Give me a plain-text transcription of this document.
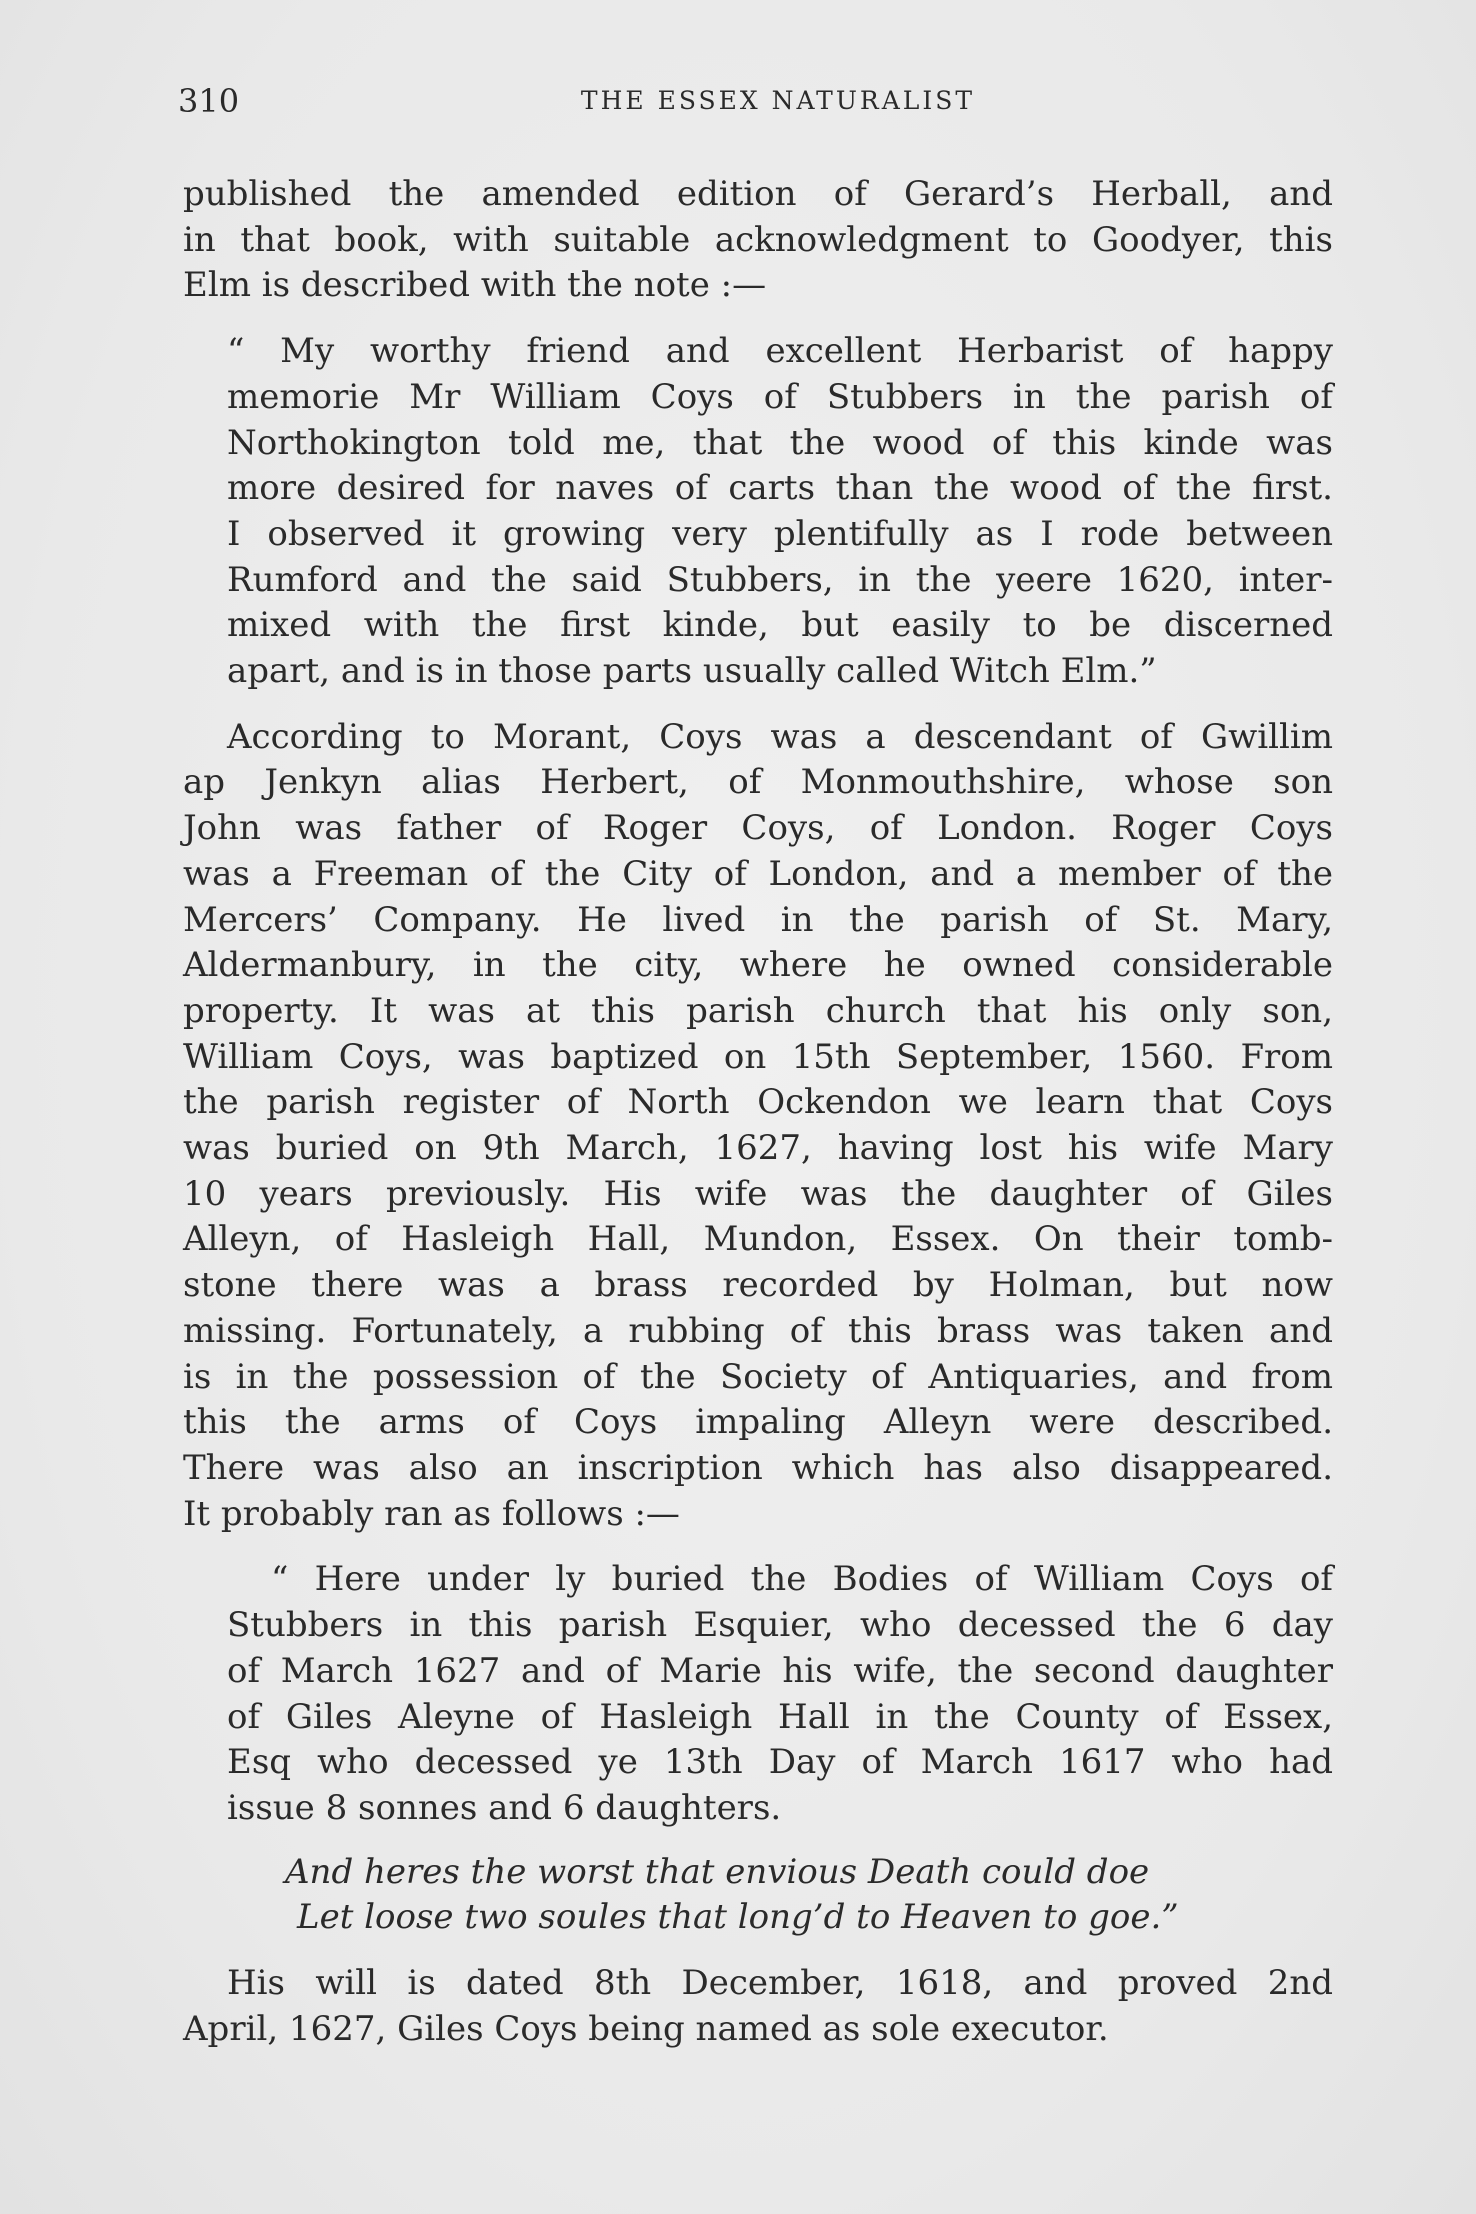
310	THE ESSEX NATURALIST
published the amended edition of Gerard’s Herball, and
in that book, with suitable acknowledgment to Goodyer, this
Elm is described with the note :—
“ My worthy friend and excellent Herbarist of happy
memorie Mr William Coys of Stubbers in the parish of
Northokington told me, that the wood of this kinde was
more desired for naves of carts than the wood of the first.
I observed it growing very plentifully as I rode between
Rumford and the said Stubbers, in the yeere 1620, inter-
mixed with the first kinde, but easily to be discerned
apart, and is in those parts usually called Witch Elm.”
According to Morant, Coys was a descendant of Gwillim
ap Jenkyn alias Herbert, of Monmouthshire, whose son
John was father of Roger Coys, of London. Roger Coys
was a Freeman of the City of London, and a member of the
Mercers’ Company. He lived in the parish of St. Mary,
Aldermanbury, in the city, where he owned considerable
property. It was at this parish church that his only son,
William Coys, was baptized on 15th September, 1560. From
the parish register of North Ockendon we learn that Coys
was buried on 9th March, 1627, having lost his wife Mary
10 years previously. His wife was the daughter of Giles
Alleyn, of Hasleigh Hall, Mundon, Essex. On their tomb-
stone there was a brass recorded by Holman, but now
missing. Fortunately, a rubbing of this brass was taken and
is in the possession of the Society of Antiquaries, and from
this the arms of Coys impaling Alleyn were described.
There was also an inscription which has also disappeared.
It probably ran as follows :—
“ Here under ly buried the Bodies of William Coys of
Stubbers in this parish Esquier, who decessed the 6 day
of March 1627 and of Marie his wife, the second daughter
of Giles Aleyne of Hasleigh Hall in the County of Essex,
Esq who decessed ye 13th Day of March 1617 who had
issue 8 sonnes and 6 daughters.
And heres the worst that envious Death could doe
Let loose two soules that long’d to Heaven to goe.”
His will is dated 8th December, 1618, and proved 2nd
April, 1627, Giles Coys being named as sole executor.
